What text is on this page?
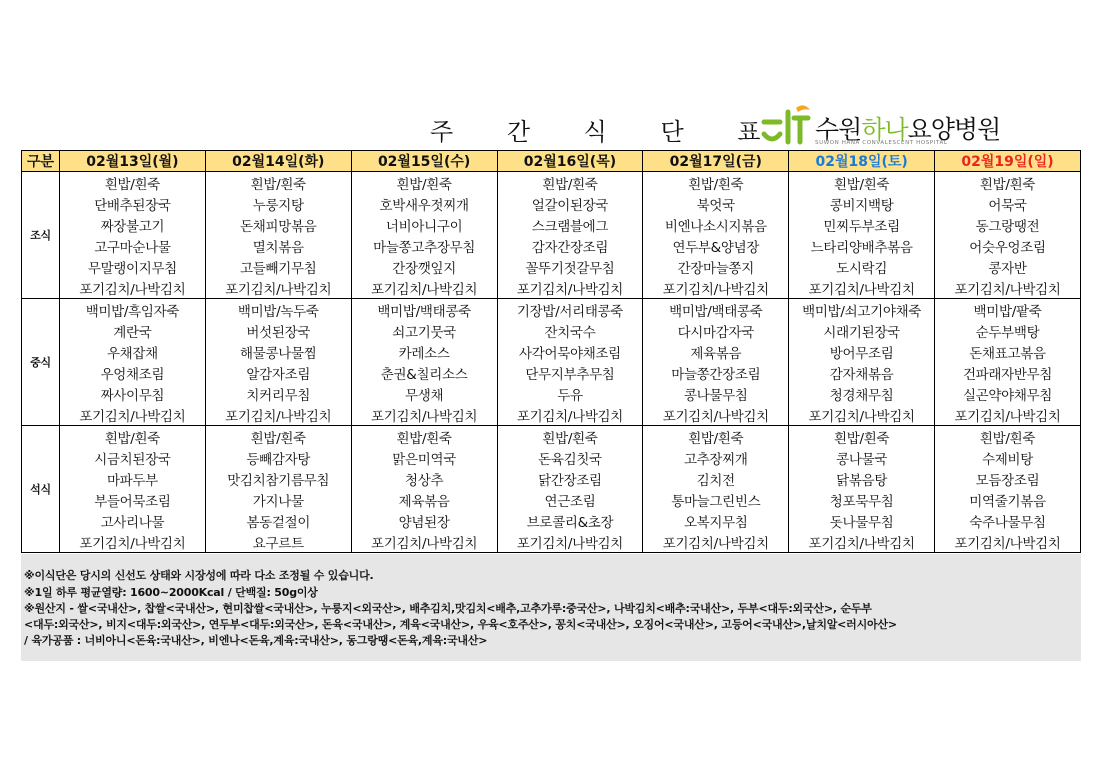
주 간 식 단 표 수원하나요양병원
SUWON HANA CONVALESCENT HOSPITAL
구분	02월13일(월)	02월14일(화)	02월15일(수)	02월16일(목)	02월17일(금)	02월18일(토)	02월19일(일)
조식	흰밥/흰죽	흰밥/흰죽	흰밥/흰죽	흰밥/흰죽	흰밥/흰죽	흰밥/흰죽	흰밥/흰죽
	단배추된장국	누룽지탕	호박새우젓찌개	얼갈이된장국	북엇국	콩비지백탕	어묵국
	짜장불고기	돈채피망볶음	너비아니구이	스크램블에그	비엔나소시지볶음	민찌두부조림	동그랑땡전
	고구마순나물	멸치볶음	마늘쫑고추장무침	감자간장조림	연두부&양념장	느타리양배추볶음	어슷우엉조림
	무말랭이지무침	고들빼기무침	간장깻잎지	꼴뚜기젓갈무침	간장마늘쫑지	도시락김	콩자반
	포기김치/나박김치	포기김치/나박김치	포기김치/나박김치	포기김치/나박김치	포기김치/나박김치	포기김치/나박김치	포기김치/나박김치
중식	백미밥/흑임자죽	백미밥/녹두죽	백미밥/백태콩죽	기장밥/서리태콩죽	백미밥/백태콩죽	백미밥/쇠고기야채죽	백미밥/팥죽
	계란국	버섯된장국	쇠고기뭇국	잔치국수	다시마감자국	시래기된장국	순두부백탕
	우채잡채	해물콩나물찜	카레소스	사각어묵야채조림	제육볶음	방어무조림	돈채표고볶음
	우엉채조림	알감자조림	춘권&칠리소스	단무지부추무침	마늘쫑간장조림	감자채볶음	건파래자반무침
	짜사이무침	치커리무침	무생채	두유	콩나물무침	청경채무침	실곤약야채무침
	포기김치/나박김치	포기김치/나박김치	포기김치/나박김치	포기김치/나박김치	포기김치/나박김치	포기김치/나박김치	포기김치/나박김치
석식	흰밥/흰죽	흰밥/흰죽	흰밥/흰죽	흰밥/흰죽	흰밥/흰죽	흰밥/흰죽	흰밥/흰죽
	시금치된장국	등빼감자탕	맑은미역국	돈육김칫국	고추장찌개	콩나물국	수제비탕
	마파두부	맛김치참기름무침	청상추	닭간장조림	김치전	닭볶음탕	모듬장조림
	부들어묵조림	가지나물	제육볶음	연근조림	통마늘그린빈스	청포묵무침	미역줄기볶음
	고사리나물	봄동겉절이	양념된장	브로콜리&초장	오복지무침	돗나물무침	숙주나물무침
	포기김치/나박김치	요구르트	포기김치/나박김치	포기김치/나박김치	포기김치/나박김치	포기김치/나박김치	포기김치/나박김치

※이식단은 당시의 신선도 상태와 시장성에 따라 다소 조정될 수 있습니다.

※1일 하루 평균열량: 1600~2000Kcal / 단백질: 50g이상

※원산지 - 쌀<국내산>, 찹쌀<국내산>, 현미찹쌀<국내산>, 누룽지<외국산>, 배추김치,맛김치<배추,고추가루:중국산>, 나박김치<배추:국내산>, 두부<대두:외국산>, 순두부

<대두:외국산>, 비지<대두:외국산>, 연두부<대두:외국산>, 돈육<국내산>, 계육<국내산>, 우육<호주산>, 꽁치<국내산>, 오징어<국내산>, 고등어<국내산>,날치알<러시아산>

/ 육가공품 : 너비아니<돈육:국내산>, 비엔나<돈육,계육:국내산>, 동그랑땡<돈육,계육:국내산>
